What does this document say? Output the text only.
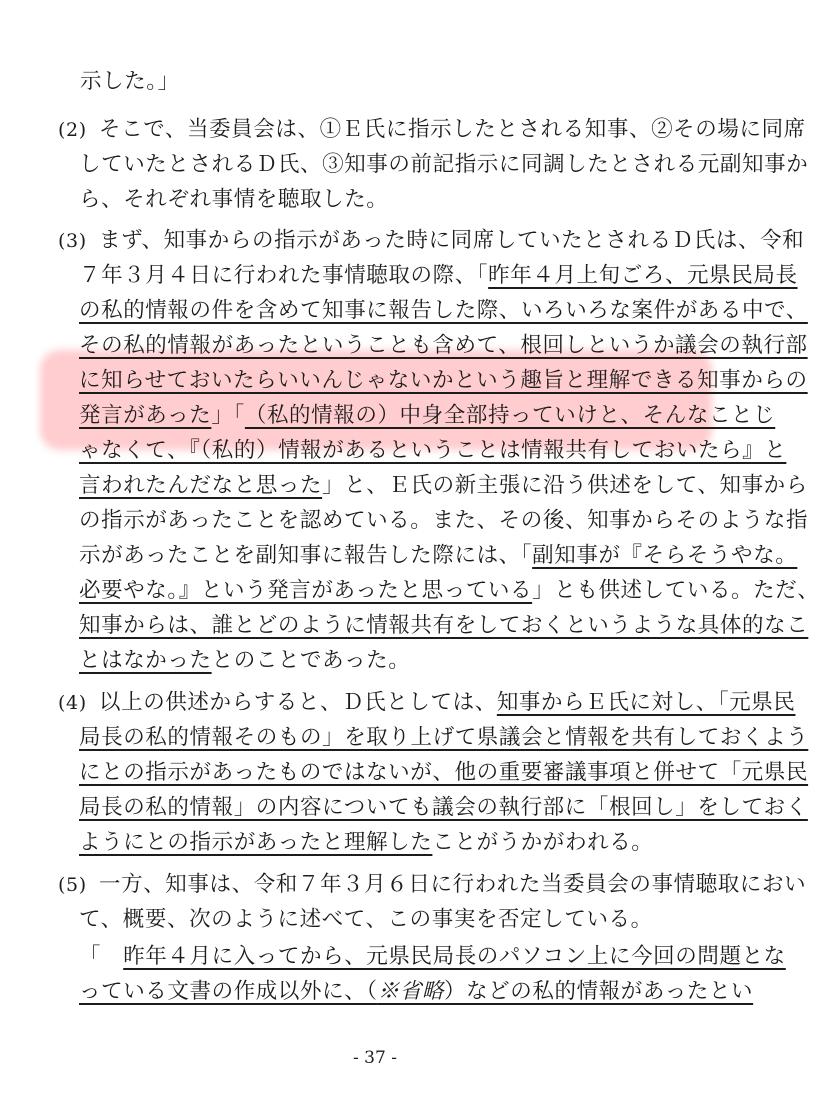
示した。」
(2) そこで、当委員会は、①Ｅ氏に指示したとされる知事、②その場に同席
していたとされるＤ氏、③知事の前記指示に同調したとされる元副知事か
ら、それぞれ事情を聴取した。
(3) まず、知事からの指示があった時に同席していたとされるＤ氏は、令和
７年３月４日に行われた事情聴取の際、「昨年４月上旬ごろ、元県民局長
の私的情報の件を含めて知事に報告した際、いろいろな案件がある中で、
その私的情報があったということも含めて、根回しというか議会の執行部
に知らせておいたらいいんじゃないかという趣旨と理解できる知事からの
発言があった」「（私的情報の）中身全部持っていけと、そんなことじ
ゃなくて、『（私的）情報があるということは情報共有しておいたら』と
言われたんだなと思った」と、Ｅ氏の新主張に沿う供述をして、知事から
の指示があったことを認めている。また、その後、知事からそのような指
示があったことを副知事に報告した際には、「副知事が『そらそうやな。
必要やな。』という発言があったと思っている」とも供述している。ただ、
知事からは、誰とどのように情報共有をしておくというような具体的なこ
とはなかったとのことであった。
(4) 以上の供述からすると、Ｄ氏としては、知事からＥ氏に対し、「元県民
局長の私的情報そのもの」を取り上げて県議会と情報を共有しておくよう
にとの指示があったものではないが、他の重要審議事項と併せて「元県民
局長の私的情報」の内容についても議会の執行部に「根回し」をしておく
ようにとの指示があったと理解したことがうかがわれる。
(5) 一方、知事は、令和７年３月６日に行われた当委員会の事情聴取におい
て、概要、次のように述べて、この事実を否定している。
「　昨年４月に入ってから、元県民局長のパソコン上に今回の問題とな
っている文書の作成以外に、（※省略）などの私的情報があったとい
- 37 -
